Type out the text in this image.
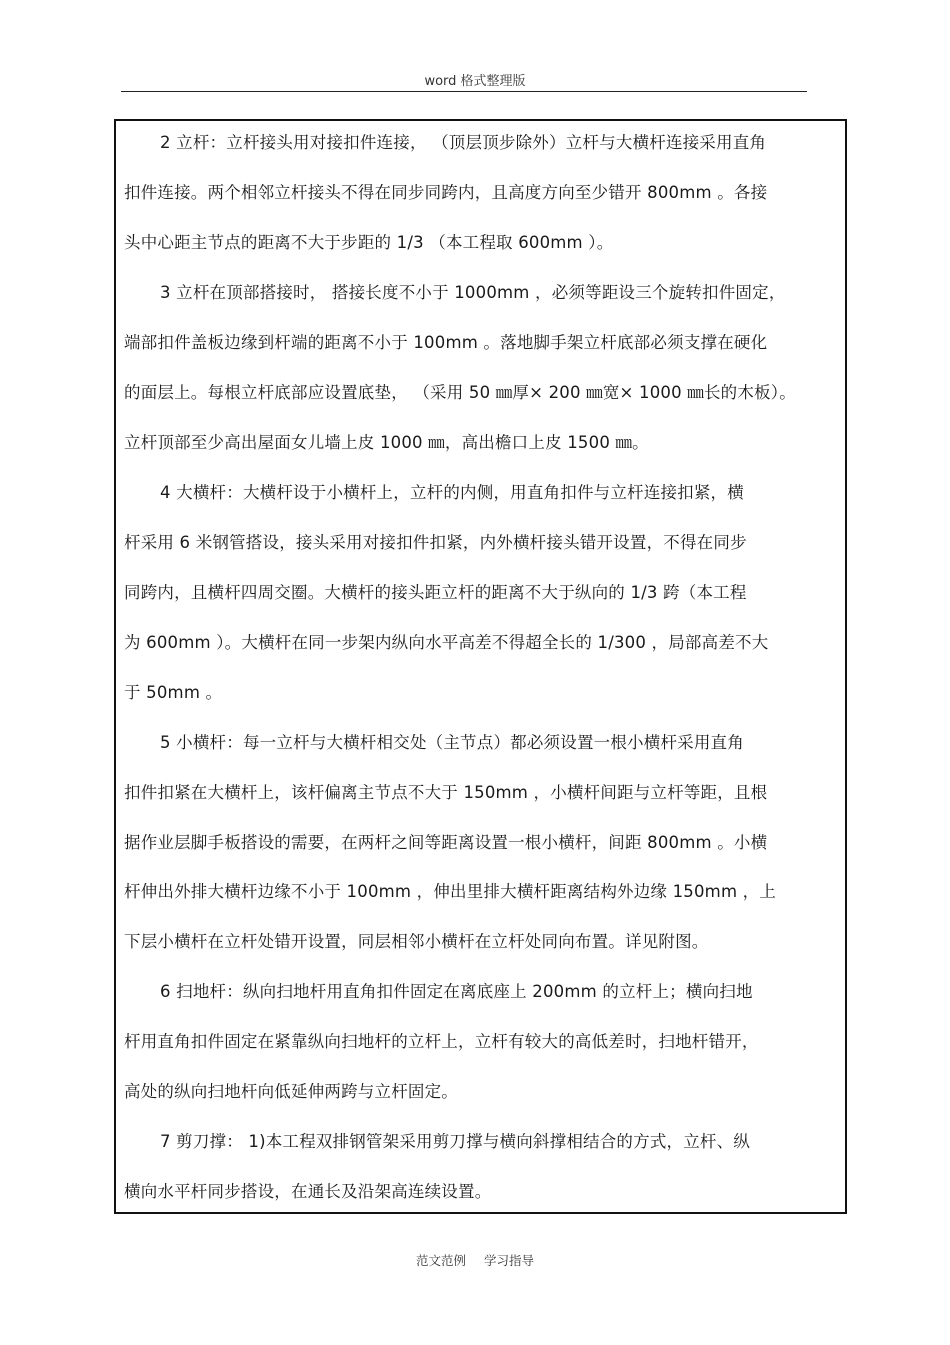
word 格式整理版
2 立杆：立杆接头用对接扣件连接， （顶层顶步除外）立杆与大横杆连接采用直角
扣件连接。两个相邻立杆接头不得在同步同跨内，且高度方向至少错开 800mm 。各接
头中心距主节点的距离不大于步距的 1/3 （本工程取 600mm ）。
3 立杆在顶部搭接时， 搭接长度不小于 1000mm ，必须等距设三个旋转扣件固定，
端部扣件盖板边缘到杆端的距离不小于 100mm 。落地脚手架立杆底部必须支撑在硬化
的面层上。每根立杆底部应设置底垫， （采用 50 ㎜厚× 200 ㎜宽× 1000 ㎜长的木板）。
立杆顶部至少高出屋面女儿墙上皮 1000 ㎜，高出檐口上皮 1500 ㎜。
4 大横杆：大横杆设于小横杆上，立杆的内侧，用直角扣件与立杆连接扣紧，横
杆采用 6 米钢管搭设，接头采用对接扣件扣紧，内外横杆接头错开设置，不得在同步
同跨内，且横杆四周交圈。大横杆的接头距立杆的距离不大于纵向的 1/3 跨（本工程
为 600mm ）。大横杆在同一步架内纵向水平高差不得超全长的 1/300 ，局部高差不大
于 50mm 。
5 小横杆：每一立杆与大横杆相交处（主节点）都必须设置一根小横杆采用直角
扣件扣紧在大横杆上，该杆偏离主节点不大于 150mm ，小横杆间距与立杆等距，且根
据作业层脚手板搭设的需要，在两杆之间等距离设置一根小横杆，间距 800mm 。小横
杆伸出外排大横杆边缘不小于 100mm ，伸出里排大横杆距离结构外边缘 150mm ，上
下层小横杆在立杆处错开设置，同层相邻小横杆在立杆处同向布置。详见附图。
6 扫地杆：纵向扫地杆用直角扣件固定在离底座上 200mm 的立杆上；横向扫地
杆用直角扣件固定在紧靠纵向扫地杆的立杆上，立杆有较大的高低差时，扫地杆错开，
高处的纵向扫地杆向低延伸两跨与立杆固定。
7 剪刀撑： 1)本工程双排钢管架采用剪刀撑与横向斜撑相结合的方式，立杆、纵
横向水平杆同步搭设，在通长及沿架高连续设置。
范文范例 学习指导
